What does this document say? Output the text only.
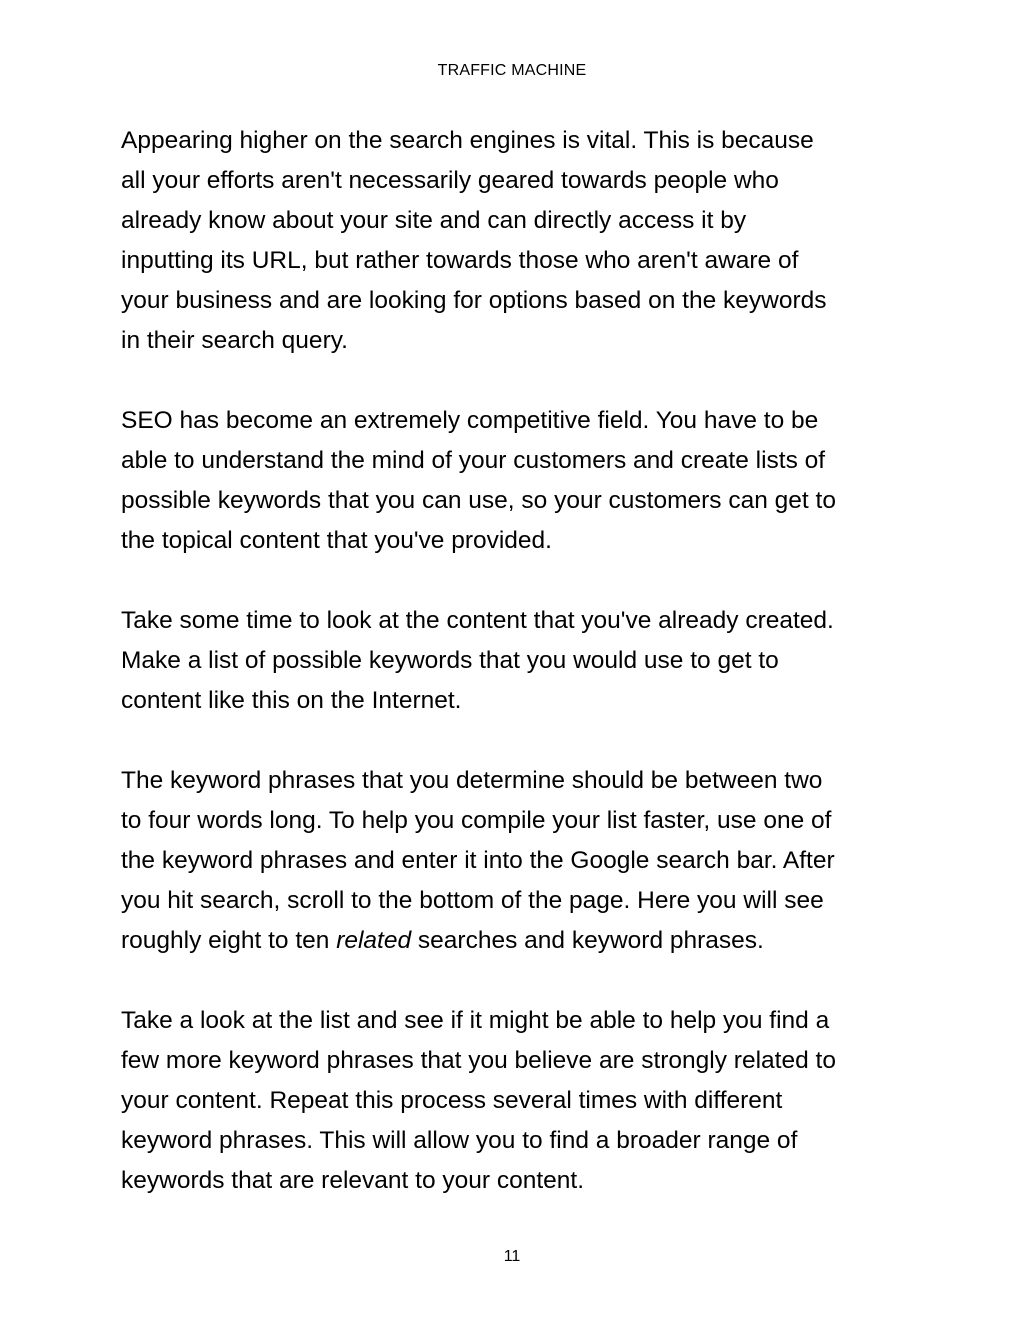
TRAFFIC MACHINE
Appearing higher on the search engines is vital. This is because
all your efforts aren't necessarily geared towards people who
already know about your site and can directly access it by
inputting its URL, but rather towards those who aren't aware of
your business and are looking for options based on the keywords
in their search query.
SEO has become an extremely competitive field. You have to be
able to understand the mind of your customers and create lists of
possible keywords that you can use, so your customers can get to
the topical content that you've provided.
Take some time to look at the content that you've already created.
Make a list of possible keywords that you would use to get to
content like this on the Internet.
The keyword phrases that you determine should be between two
to four words long. To help you compile your list faster, use one of
the keyword phrases and enter it into the Google search bar. After
you hit search, scroll to the bottom of the page. Here you will see
roughly eight to ten related searches and keyword phrases.
Take a look at the list and see if it might be able to help you find a
few more keyword phrases that you believe are strongly related to
your content. Repeat this process several times with different
keyword phrases. This will allow you to find a broader range of
keywords that are relevant to your content.
11
